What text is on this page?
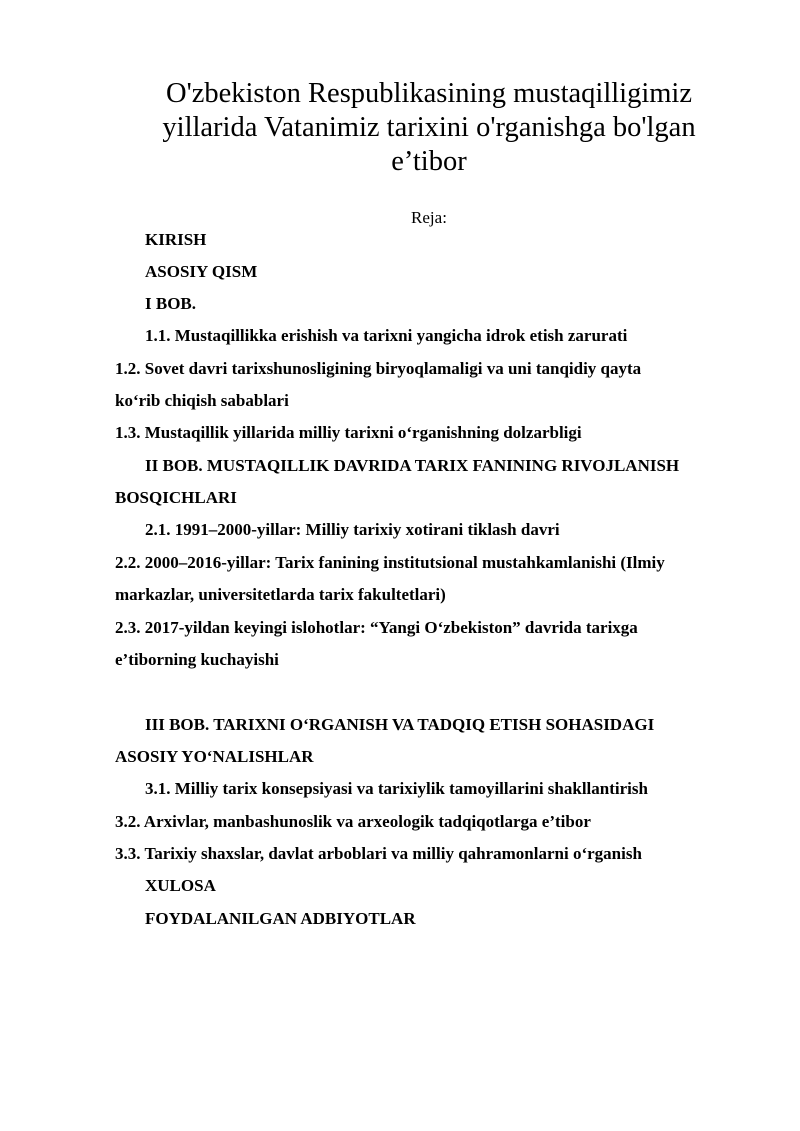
O'zbekiston Respublikasining mustaqilligimiz
yillarida Vatanimiz tarixini o'rganishga bo'lgan
e’tibor
Reja:
KIRISH
ASOSIY QISM
I BOB.
1.1. Mustaqillikka erishish va tarixni yangicha idrok etish zarurati
1.2. Sovet davri tarixshunosligining biryoqlamaligi va uni tanqidiy qayta
ko‘rib chiqish sabablari
1.3. Mustaqillik yillarida milliy tarixni o‘rganishning dolzarbligi
II BOB. MUSTAQILLIK DAVRIDA TARIX FANINING RIVOJLANISH
BOSQICHLARI
2.1. 1991–2000-yillar: Milliy tarixiy xotirani tiklash davri
2.2. 2000–2016-yillar: Tarix fanining institutsional mustahkamlanishi (Ilmiy
markazlar, universitetlarda tarix fakultetlari)
2.3. 2017-yildan keyingi islohotlar: “Yangi O‘zbekiston” davrida tarixga
e’tiborning kuchayishi
III BOB. TARIXNI O‘RGANISH VA TADQIQ ETISH SOHASIDAGI
ASOSIY YO‘NALISHLAR
3.1. Milliy tarix konsepsiyasi va tarixiylik tamoyillarini shakllantirish
3.2. Arxivlar, manbashunoslik va arxeologik tadqiqotlarga e’tibor
3.3. Tarixiy shaxslar, davlat arboblari va milliy qahramonlarni o‘rganish
XULOSA
FOYDALANILGAN ADBIYOTLAR
